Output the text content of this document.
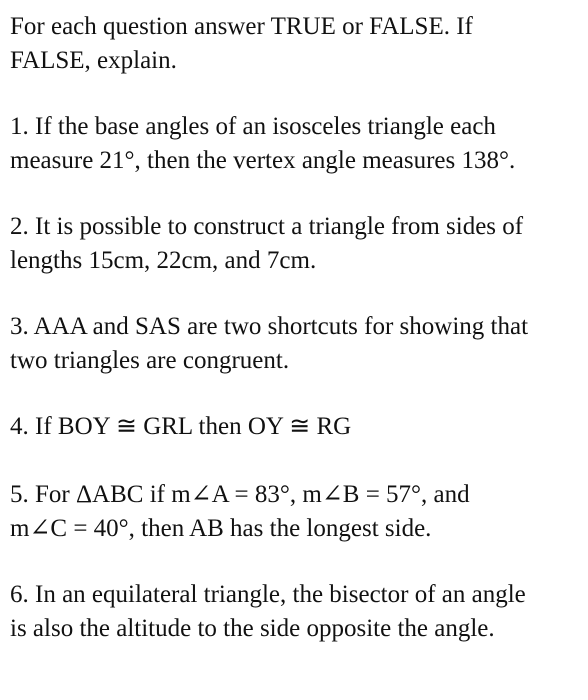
For each question answer TRUE or FALSE. If
FALSE, explain.

1. If the base angles of an isosceles triangle each
measure 21°, then the vertex angle measures 138°.

2. It is possible to construct a triangle from sides of
lengths 15cm, 22cm, and 7cm.

3. AAA and SAS are two shortcuts for showing that
two triangles are congruent.

4. If BOY ≅ GRL then OY ≅ RG

5. For ΔABC if m∠A = 83°, m∠B = 57°, and
m∠C = 40°, then AB has the longest side.

6. In an equilateral triangle, the bisector of an angle
is also the altitude to the side opposite the angle.
